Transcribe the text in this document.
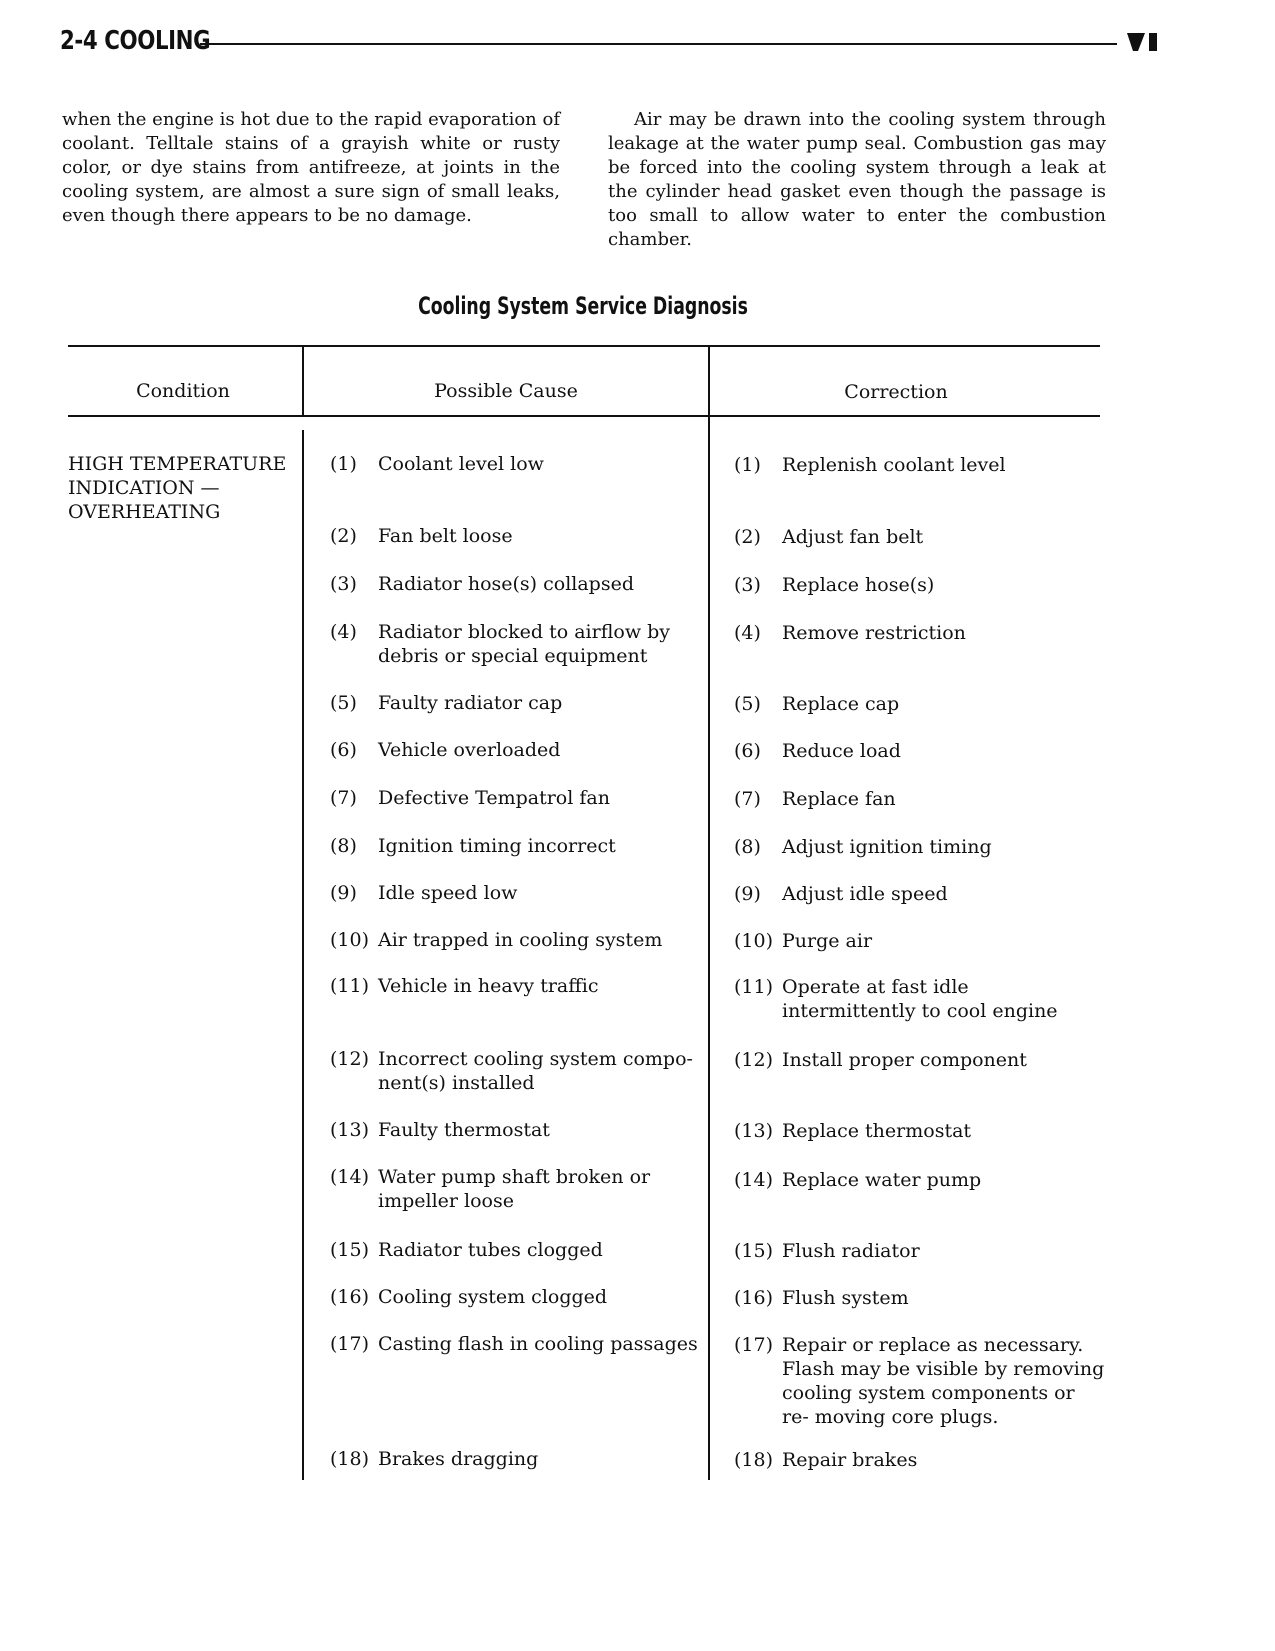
2-4 COOLING
when the engine is hot due to the rapid evaporation of coolant. Telltale stains of a grayish white or rusty color, or dye stains from antifreeze, at joints in the cooling system, are almost a sure sign of small leaks, even though there appears to be no damage.
Air may be drawn into the cooling system through leakage at the water pump seal. Combustion gas may be forced into the cooling system through a leak at the cylinder head gasket even though the passage is too small to allow water to enter the combustion chamber.
Cooling System Service Diagnosis
Condition	Possible Cause	Correction
HIGH TEMPERATURE INDICATION — OVERHEATING
(1) Coolant level low
(2) Fan belt loose
(3) Radiator hose(s) collapsed
(4) Radiator blocked to airflow by debris or special equipment
(5) Faulty radiator cap
(6) Vehicle overloaded
(7) Defective Tempatrol fan
(8) Ignition timing incorrect
(9) Idle speed low
(10) Air trapped in cooling system
(11) Vehicle in heavy traffic
(12) Incorrect cooling system compo- nent(s) installed
(13) Faulty thermostat
(14) Water pump shaft broken or impeller loose
(15) Radiator tubes clogged
(16) Cooling system clogged
(17) Casting flash in cooling passages
(18) Brakes dragging
(1) Replenish coolant level
(2) Adjust fan belt
(3) Replace hose(s)
(4) Remove restriction
(5) Replace cap
(6) Reduce load
(7) Replace fan
(8) Adjust ignition timing
(9) Adjust idle speed
(10) Purge air
(11) Operate at fast idle intermittently to cool engine
(12) Install proper component
(13) Replace thermostat
(14) Replace water pump
(15) Flush radiator
(16) Flush system
(17) Repair or replace as necessary. Flash may be visible by removing cooling system components or re- moving core plugs.
(18) Repair brakes
